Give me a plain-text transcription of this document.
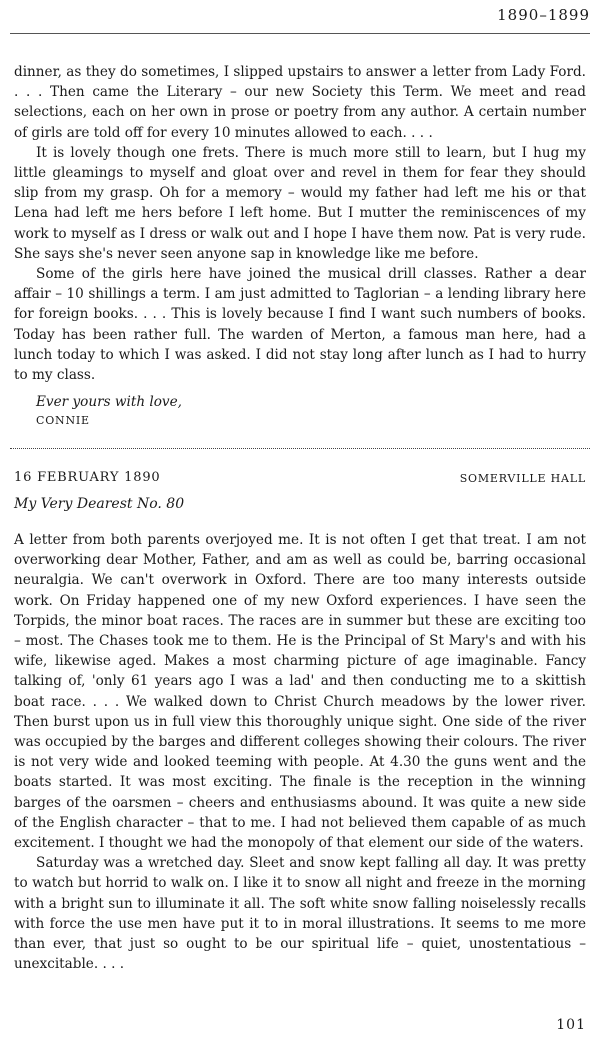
1890–1899

dinner, as they do sometimes, I slipped upstairs to answer a letter from Lady Ford. . . . Then came the Literary – our new Society this Term. We meet and read selections, each on her own in prose or poetry from any author. A certain number of girls are told off for every 10 minutes allowed to each. . . .

It is lovely though one frets. There is much more still to learn, but I hug my little gleamings to myself and gloat over and revel in them for fear they should slip from my grasp. Oh for a memory – would my father had left me his or that Lena had left me hers before I left home. But I mutter the reminiscences of my work to myself as I dress or walk out and I hope I have them now. Pat is very rude. She says she's never seen anyone sap in knowledge like me before.

Some of the girls here have joined the musical drill classes. Rather a dear affair – 10 shillings a term. I am just admitted to Taglorian – a lending library here for foreign books. . . . This is lovely because I find I want such numbers of books. Today has been rather full. The warden of Merton, a famous man here, had a lunch today to which I was asked. I did not stay long after lunch as I had to hurry to my class.

Ever yours with love,
CONNIE
16 FEBRUARY 1890	SOMERVILLE HALL
My Very Dearest No. 80

A letter from both parents overjoyed me. It is not often I get that treat. I am not overworking dear Mother, Father, and am as well as could be, barring occasional neuralgia. We can't overwork in Oxford. There are too many interests outside work. On Friday happened one of my new Oxford experiences. I have seen the Torpids, the minor boat races. The races are in summer but these are exciting too – most. The Chases took me to them. He is the Principal of St Mary's and with his wife, likewise aged. Makes a most charming picture of age imaginable. Fancy talking of, 'only 61 years ago I was a lad' and then conducting me to a skittish boat race. . . . We walked down to Christ Church meadows by the lower river. Then burst upon us in full view this thoroughly unique sight. One side of the river was occupied by the barges and different colleges showing their colours. The river is not very wide and looked teeming with people. At 4.30 the guns went and the boats started. It was most exciting. The finale is the reception in the winning barges of the oarsmen – cheers and enthusiasms abound. It was quite a new side of the English character – that to me. I had not believed them capable of as much excitement. I thought we had the monopoly of that element our side of the waters.

Saturday was a wretched day. Sleet and snow kept falling all day. It was pretty to watch but horrid to walk on. I like it to snow all night and freeze in the morning with a bright sun to illuminate it all. The soft white snow falling noiselessly recalls with force the use men have put it to in moral illustrations. It seems to me more than ever, that just so ought to be our spiritual life – quiet, unostentatious – unexcitable. . . .

101
